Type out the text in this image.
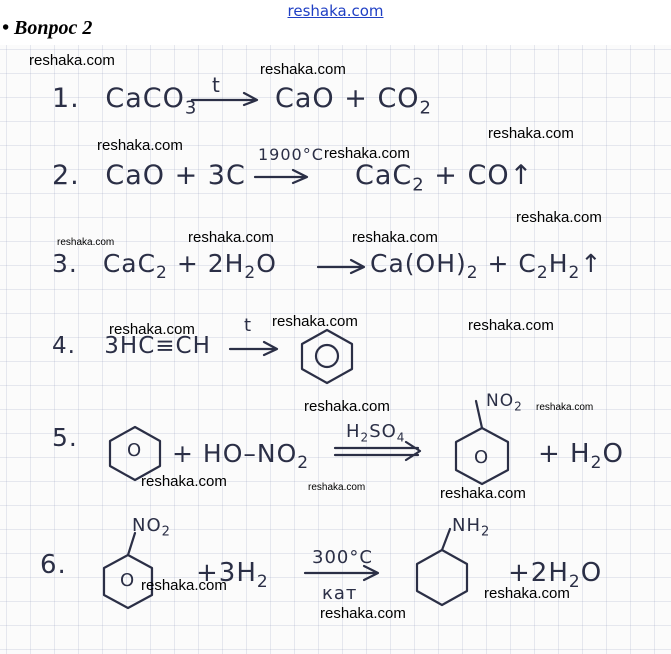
reshaka.com
• Вопрос 2
1. CaCO$_3$
t CaO + $CO_2$
2. CaO + 3C
1900°C
CaC$_2$ + CO↑
3. $CaC_2 + 2H_2O$	$Ca(OH)_2$ + $C_2H_2↑$
4. 3HC≡CH
t
5.	$O + HO-NO_2$
$H_2SO_4$
$NO_2$
$O + H_2O$
6.
$NO_2$
$O +3H_2$
300°C
кат
$NH_2$
$+2H_2O$
reshaka.com
reshaka.com
reshaka.com
reshaka.com	reshaka.com
reshaka.com
reshaka.com	reshaka.com	reshaka.com
reshaka.com	reshaka.com	reshaka.com
reshaka.com	reshaka.com
reshaka.com	reshaka.com	reshaka.com
reshaka.com	reshaka.com
reshaka.com
